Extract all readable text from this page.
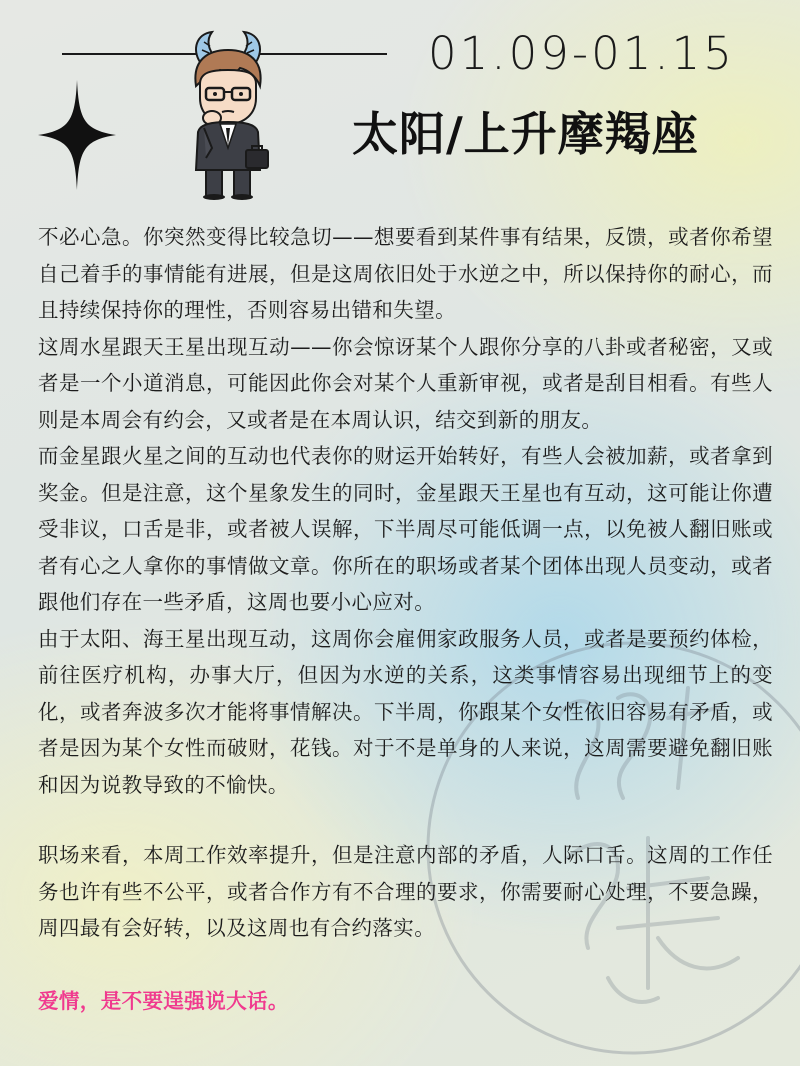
01.09-01.15
太阳/上升摩羯座

不必心急。你突然变得比较急切——想要看到某件事有结果，反馈，或者你希望自己着手的事情能有进展，但是这周依旧处于水逆之中，所以保持你的耐心，而且持续保持你的理性，否则容易出错和失望。

这周水星跟天王星出现互动——你会惊讶某个人跟你分享的八卦或者秘密，又或者是一个小道消息，可能因此你会对某个人重新审视，或者是刮目相看。有些人则是本周会有约会，又或者是在本周认识，结交到新的朋友。

而金星跟火星之间的互动也代表你的财运开始转好，有些人会被加薪，或者拿到奖金。但是注意，这个星象发生的同时，金星跟天王星也有互动，这可能让你遭受非议，口舌是非，或者被人误解，下半周尽可能低调一点，以免被人翻旧账或者有心之人拿你的事情做文章。你所在的职场或者某个团体出现人员变动，或者跟他们存在一些矛盾，这周也要小心应对。

由于太阳、海王星出现互动，这周你会雇佣家政服务人员，或者是要预约体检，前往医疗机构，办事大厅，但因为水逆的关系，这类事情容易出现细节上的变化，或者奔波多次才能将事情解决。下半周，你跟某个女性依旧容易有矛盾，或者是因为某个女性而破财，花钱。对于不是单身的人来说，这周需要避免翻旧账和因为说教导致的不愉快。

职场来看，本周工作效率提升，但是注意内部的矛盾，人际口舌。这周的工作任务也许有些不公平，或者合作方有不合理的要求，你需要耐心处理，不要急躁，周四最有会好转，以及这周也有合约落实。

爱情，是不要逞强说大话。
